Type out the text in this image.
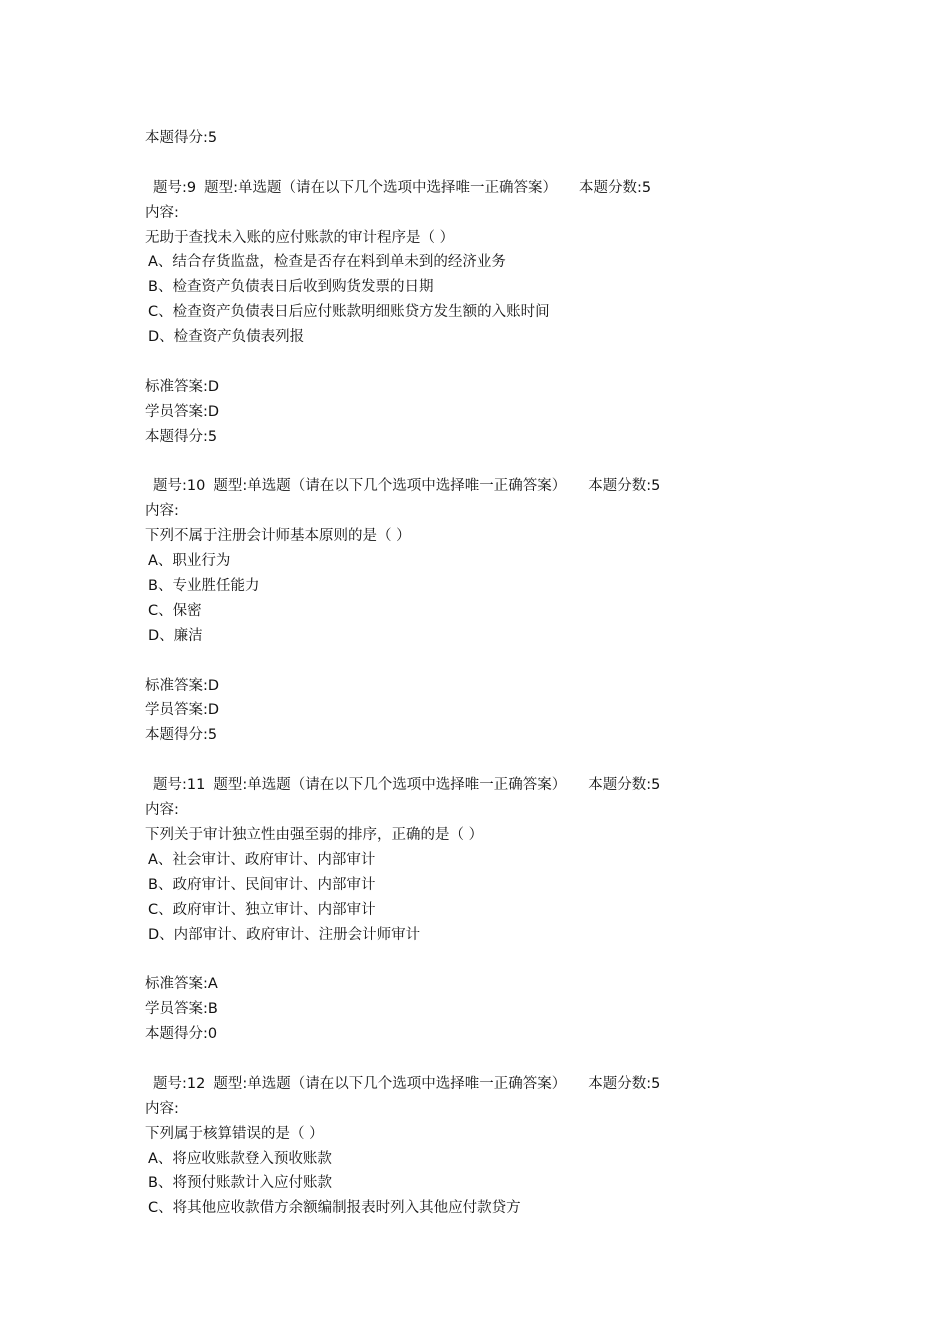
本题得分:5
题号:9 题型:单选题（请在以下几个选项中选择唯一正确答案） 本题分数:5
内容:
无助于查找未入账的应付账款的审计程序是（ ）
A、结合存货监盘，检查是否存在料到单未到的经济业务
B、检查资产负债表日后收到购货发票的日期
C、检查资产负债表日后应付账款明细账贷方发生额的入账时间
D、检查资产负债表列报
标准答案:D
学员答案:D
本题得分:5
题号:10 题型:单选题（请在以下几个选项中选择唯一正确答案） 本题分数:5
内容:
下列不属于注册会计师基本原则的是（ ）
A、职业行为
B、专业胜任能力
C、保密
D、廉洁
标准答案:D
学员答案:D
本题得分:5
题号:11 题型:单选题（请在以下几个选项中选择唯一正确答案） 本题分数:5
内容:
下列关于审计独立性由强至弱的排序，正确的是（ ）
A、社会审计、政府审计、内部审计
B、政府审计、民间审计、内部审计
C、政府审计、独立审计、内部审计
D、内部审计、政府审计、注册会计师审计
标准答案:A
学员答案:B
本题得分:0
题号:12 题型:单选题（请在以下几个选项中选择唯一正确答案） 本题分数:5
内容:
下列属于核算错误的是（ ）
A、将应收账款登入预收账款
B、将预付账款计入应付账款
C、将其他应收款借方余额编制报表时列入其他应付款贷方
